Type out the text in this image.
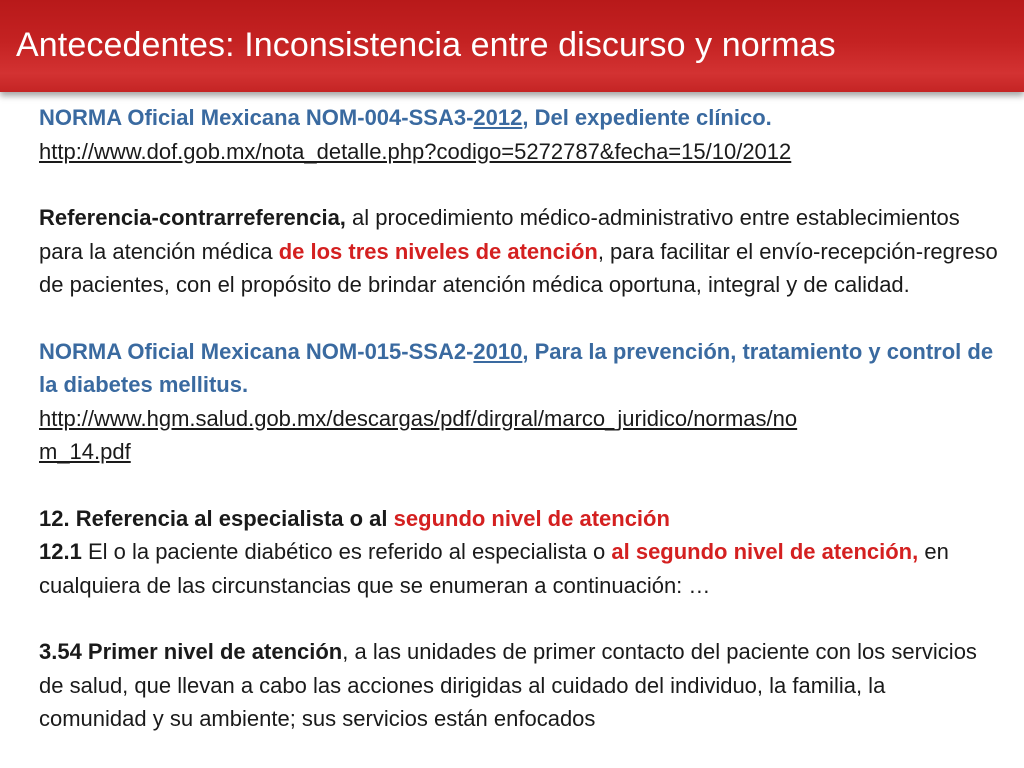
Antecedentes: Inconsistencia entre discurso y normas

NORMA Oficial Mexicana NOM-004-SSA3-2012, Del expediente clínico.

http://www.dof.gob.mx/nota_detalle.php?codigo=5272787&fecha=15/10/2012

Referencia-contrarreferencia, al procedimiento médico-administrativo entre establecimientos para la atención médica de los tres niveles de atención, para facilitar el envío-recepción-regreso de pacientes, con el propósito de brindar atención médica oportuna, integral y de calidad.

NORMA Oficial Mexicana NOM-015-SSA2-2010, Para la prevención, tratamiento y control de la diabetes mellitus.

http://www.hgm.salud.gob.mx/descargas/pdf/dirgral/marco_juridico/normas/no

m_14.pdf

12. Referencia al especialista o al segundo nivel de atención

12.1 El o la paciente diabético es referido al especialista o al segundo nivel de atención, en cualquiera de las circunstancias que se enumeran a continuación: …

3.54 Primer nivel de atención, a las unidades de primer contacto del paciente con los servicios de salud, que llevan a cabo las acciones dirigidas al cuidado del individuo, la familia, la comunidad y su ambiente; sus servicios están enfocados
